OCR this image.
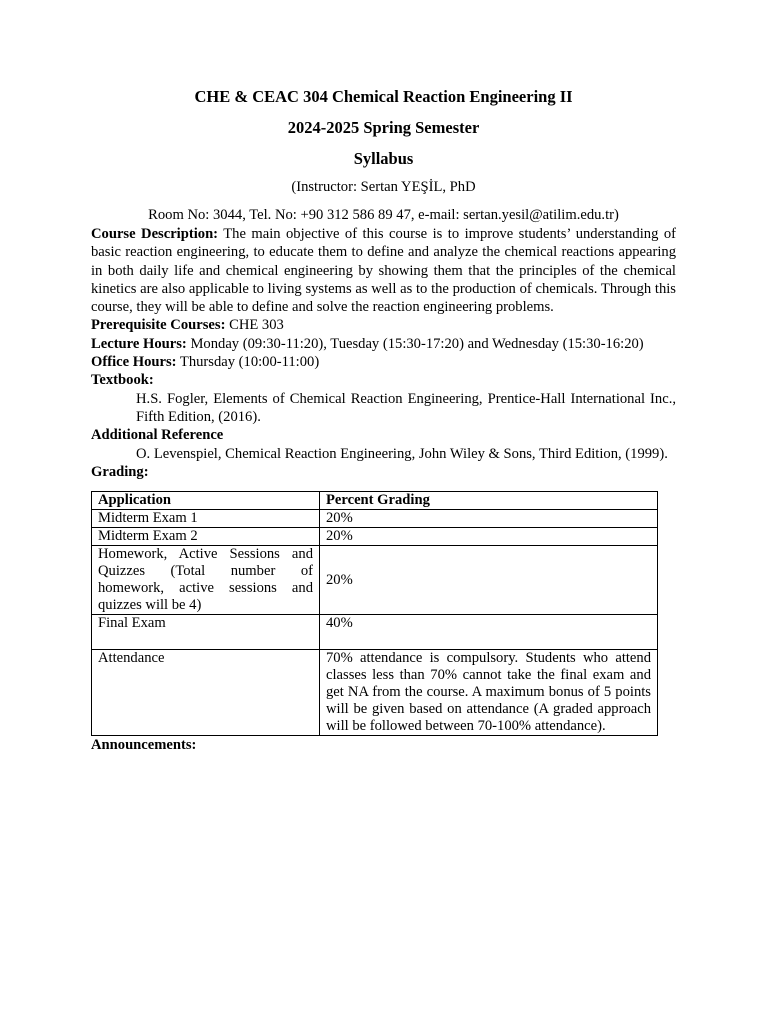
CHE & CEAC 304 Chemical Reaction Engineering II
2024-2025 Spring Semester
Syllabus
(Instructor: Sertan YEŞİL, PhD
Room No: 3044, Tel. No: +90 312 586 89 47, e-mail: sertan.yesil@atilim.edu.tr)

Course Description: The main objective of this course is to improve students’ understanding of basic reaction engineering, to educate them to define and analyze the chemical reactions appearing in both daily life and chemical engineering by showing them that the principles of the chemical kinetics are also applicable to living systems as well as to the production of chemicals. Through this course, they will be able to define and solve the reaction engineering problems.

Prerequisite Courses: CHE 303

Lecture Hours: Monday (09:30-11:20), Tuesday (15:30-17:20) and Wednesday (15:30-16:20)

Office Hours: Thursday (10:00-11:00)

Textbook:

H.S. Fogler, Elements of Chemical Reaction Engineering, Prentice-Hall International Inc., Fifth Edition, (2016).

Additional Reference

O. Levenspiel, Chemical Reaction Engineering, John Wiley & Sons, Third Edition, (1999).

Grading:

Application	Percent Grading
Midterm Exam 1	20%
Midterm Exam 2	20%
Homework, Active Sessions and Quizzes (Total number of homework, active sessions and quizzes will be 4)	20%
Final Exam	40%
Attendance	70% attendance is compulsory. Students who attend classes less than 70% cannot take the final exam and get NA from the course. A maximum bonus of 5 points will be given based on attendance (A graded approach will be followed between 70-100% attendance).

Announcements:
